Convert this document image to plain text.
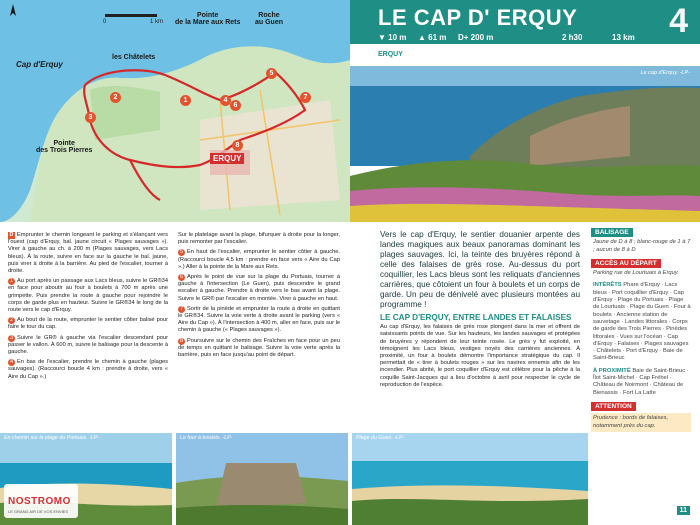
0	1 km
Cap d'Erquy
Pointe
de la Mare aux Rets
Roche
au Guen
les Châtelets
Pointe
des Trois Pierres
ERQUY
1
2
3
4
5
6
7
8
LE CAP D' ERQUY	4
▼ 10 m ▲ 61 m D+ 200 m	2 h30	13 km
ERQUY
Le cap d'Erquy. -LP-

D Emprunter le chemin longeant le parking et s'élançant vers l'ouest (cap d'Erquy, bal. jaune circuit « Plages sauvages »). Virer à gauche au ch. à 200 m (Plages sauvages, vers Lacs bleus). À la route, suivre en face sur la gauche le bal. jaune, puis virer à droite à la barrière. Au pied de l'escalier, tourner à droite.

1 Au port après un passage aux Lacs bleus, suivre le GR®34 en face pour aboutir au four à boulets à 700 m après une grimpette. Puis prendre la route à gauche pour rejoindre le corps de garde plus en hauteur. Suivre le GR®34 le long de la route vers le cap d'Erquy.

2 Au bout de la route, emprunter le sentier côtier balisé pour faire le tour du cap.

3 Suivre le GR® à gauche via l'escalier descendant pour passer le vallon. À 600 m, suivre le balisage pour la descente à gauche.

4 En bas de l'escalier, prendre le chemin à gauche (plages sauvages). (Raccourci boucle 4 km : prendre à droite, vers « Aire du Cap ».)

Sur le platelage avant la plage, bifurquer à droite pour la longer, puis remonter par l'escalier.

5 En haut de l'escalier, emprunter le sentier côtier à gauche. (Raccourci boucle 4,5 km : prendre en face vers « Aire du Cap ».) Aller à la pointe de la Mare aux Rets.

6 Après le point de vue sur la plage du Portuais, tourner à gauche à l'intersection (Le Guen), puis descendre le grand escalier à gauche. Prendre à droite vers le bas avant la plage. Suivre le GR® par l'escalier en montée. Virer à gauche en haut.

7 Sortir de la pinède et emprunter la route à droite en quittant le GR®34. Suivre la voie verte à droite avant le parking (vers « Aire du Cap »). À l'intersection à 400 m, aller en face, puis sur le chemin à gauche (« Plages sauvages »).

8 Poursuivre sur le chemin des Fraîches en face pour un peu de temps en quittant le balisage. Suivre la voie verte après la barrière, puis en face jusqu'au point de départ.

Vers le cap d'Erquy, le sentier douanier arpente des landes magiques aux beaux panoramas dominant les plages sauvages. Ici, la teinte des bruyères répond à celle des falaises de grès rose. Au-dessus du port coquillier, les Lacs bleus sont les reliquats d'anciennes carrières, que côtoient un four à boulets et un corps de garde. Un peu de dénivelé avec plusieurs montées au programme !

LE CAP D'ERQUY, ENTRE LANDES ET FALAISES

Au cap d'Erquy, les falaises de grès rose plongent dans la mer et offrent de saisissants points de vue. Sur les hauteurs, les landes sauvages et protégées de bruyères y répondent de leur teinte rosée. Le grès y fut exploité, en témoignent les Lacs bleus, vestiges noyés des carrières anciennes. À proximité, un four à boulets démontre l'importance stratégique du cap. Il permettait de « tirer à boulets rouges » sur les navires ennemis afin de les incendier. Plus abrité, le port coquillier d'Erquy est célèbre pour la pêche à la coquille Saint-Jacques qui a lieu d'octobre à avril pour respecter le cycle de reproduction de l'espèce.

BALISAGE
Jaune de D à 8 ; blanc-rouge de 1 à 7 ; aucun de 8 à D
ACCÈS AU DÉPART
Parking rue de Lourtuais à Erquy.
INTÉRÊTS Phare d'Erquy · Lacs bleus · Port coquillier d'Erquy · Cap d'Erquy · Plage du Portuais · Plage de Lourtuais · Plage du Guen · Four à boulets · Ancienne station de sauvetage · Landes littorales · Corps de garde des Trois Pierres · Pinèdes littorales · Vues sur l'océan · Cap d'Erquy · Falaises · Plages sauvages · Châtelets · Port d'Erquy · Baie de Saint-Brieuc
À PROXIMITÉ Baie de Saint-Brieuc · Îlot Saint-Michel · Cap Fréhel · Château de Noirmont · Château de Bienassis · Fort La Latte
ATTENTION
Prudence : bords de falaises, notamment près du cap.
En chemin sur la plage du Portuais. -LP-	Le four à boulets. -LP-	Plage du Guen. -LP-
NOSTROMO
LE GRAND AIR DE VOS ENVIES	11
